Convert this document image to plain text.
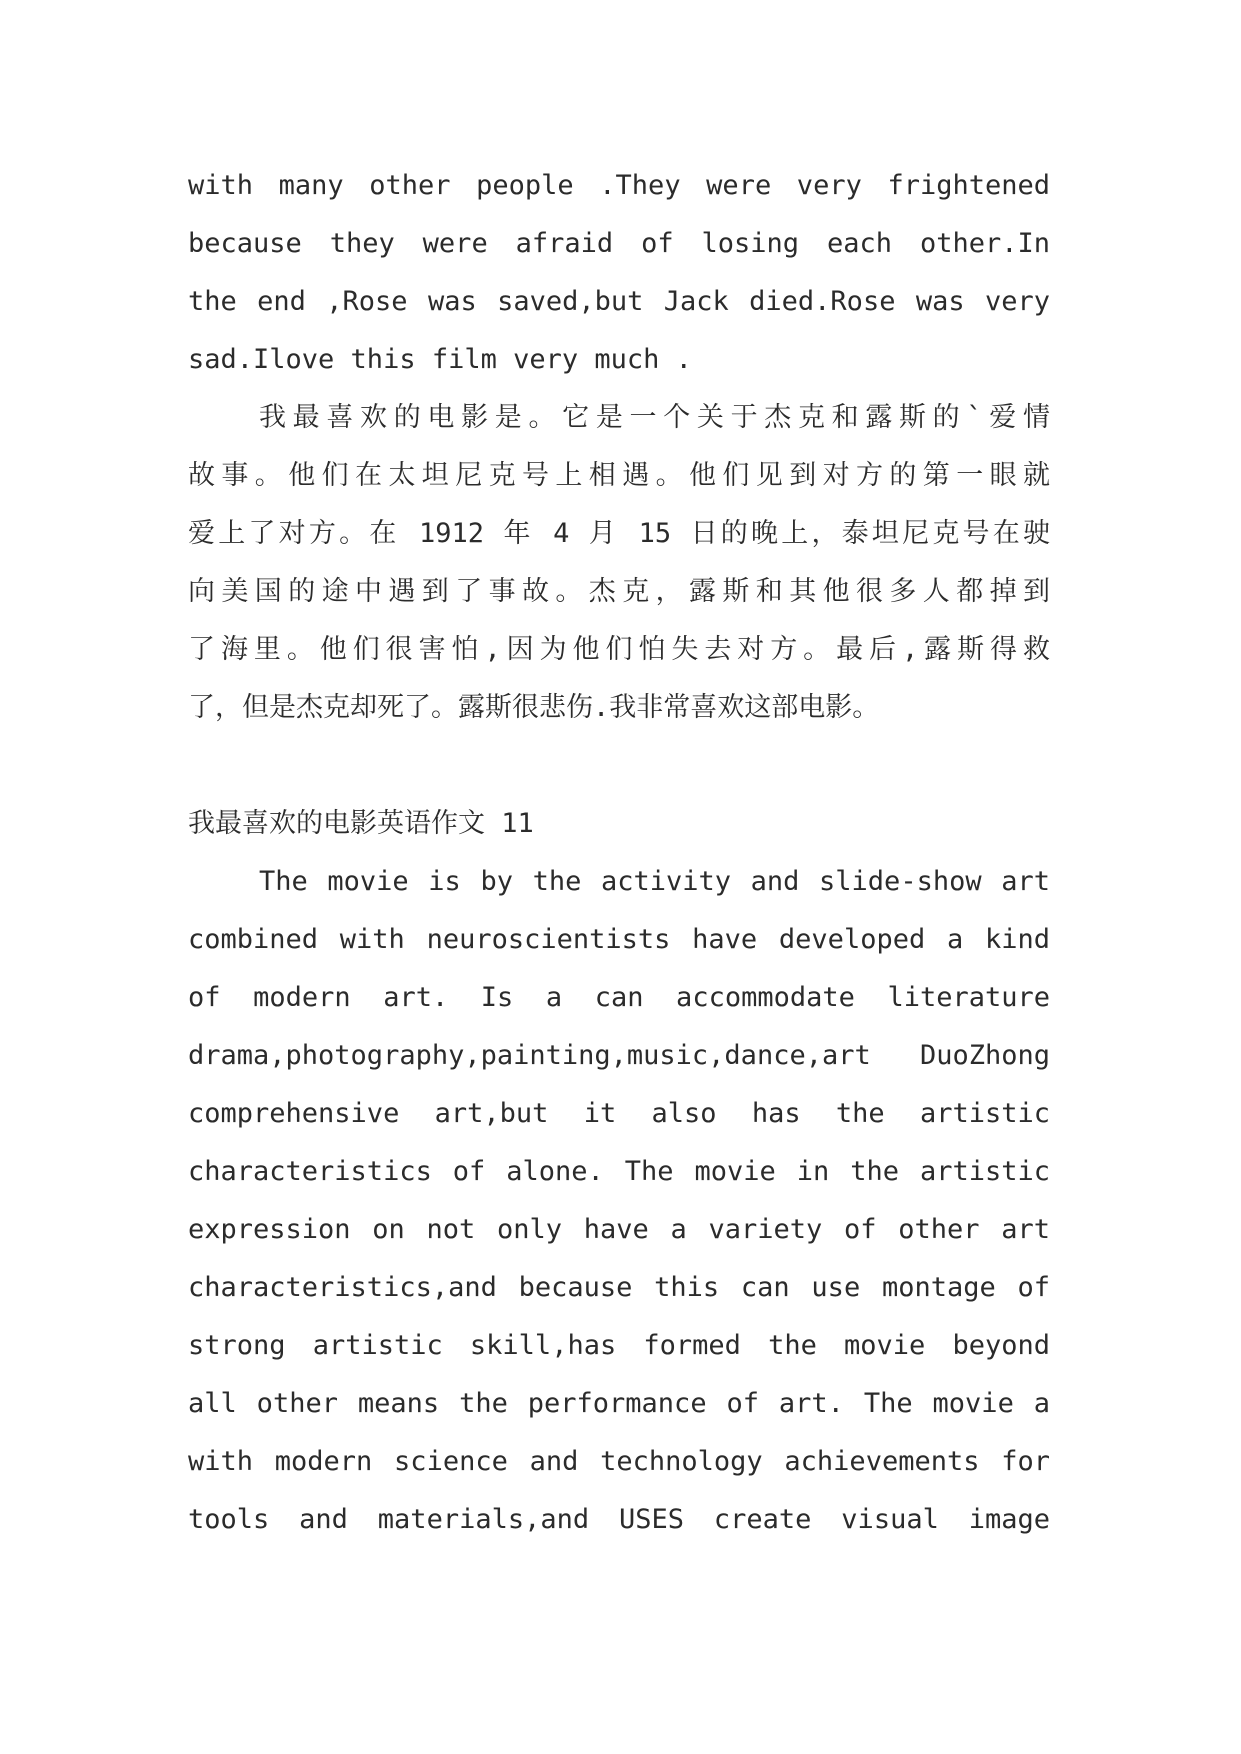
with many other people .They were very frightened
because they were afraid of losing each other.In
the end ,Rose was saved,but Jack died.Rose was very
sad.Ilove this film very much .
我最喜欢的电影是。它是一个关于杰克和露斯的`爱情
故事。他们在太坦尼克号上相遇。他们见到对方的第一眼就
爱上了对方。在 1912 年 4 月 15 日的晚上，泰坦尼克号在驶
向美国的途中遇到了事故。杰克，露斯和其他很多人都掉到
了海里。他们很害怕,因为他们怕失去对方。最后,露斯得救
了，但是杰克却死了。露斯很悲伤.我非常喜欢这部电影。
我最喜欢的电影英语作文 11
The movie is by the activity and slide-show art
combined with neuroscientists have developed a kind
of modern art. Is a can accommodate literature
drama,photography,painting,music,dance,art DuoZhong
comprehensive art,but it also has the artistic
characteristics of alone. The movie in the artistic
expression on not only have a variety of other art
characteristics,and because this can use montage of
strong artistic skill,has formed the movie beyond
all other means the performance of art. The movie a
with modern science and technology achievements for
tools and materials,and USES create visual image
